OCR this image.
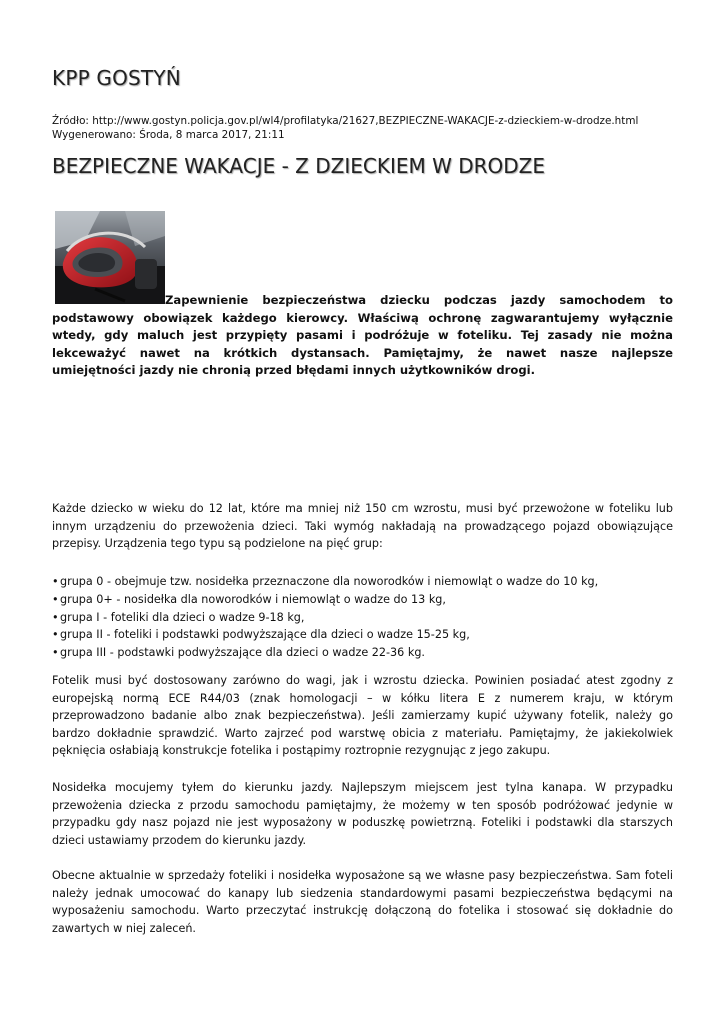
KPP GOSTYŃ
Źródło: http://www.gostyn.policja.gov.pl/wl4/profilatyka/21627,BEZPIECZNE-WAKACJE-z-dzieckiem-w-drodze.html
Wygenerowano: Środa, 8 marca 2017, 21:11
BEZPIECZNE WAKACJE - Z DZIECKIEM W DRODZE

Zapewnienie bezpieczeństwa dziecku podczas jazdy samochodem to podstawowy obowiązek każdego kierowcy. Właściwą ochronę zagwarantujemy wyłącznie wtedy, gdy maluch jest przypięty pasami i podróżuje w foteliku. Tej zasady nie można lekceważyć nawet na krótkich dystansach. Pamiętajmy, że nawet nasze najlepsze umiejętności jazdy nie chronią przed błędami innych użytkowników drogi.

Każde dziecko w wieku do 12 lat, które ma mniej niż 150 cm wzrostu, musi być przewożone w foteliku lub innym urządzeniu do przewożenia dzieci. Taki wymóg nakładają na prowadzącego pojazd obowiązujące przepisy. Urządzenia tego typu są podzielone na pięć grup:

• grupa 0 - obejmuje tzw. nosidełka przeznaczone dla noworodków i niemowląt o wadze do 10 kg,
• grupa 0+ - nosidełka dla noworodków i niemowląt o wadze do 13 kg,
• grupa I - foteliki dla dzieci o wadze 9-18 kg,
• grupa II - foteliki i podstawki podwyższające dla dzieci o wadze 15-25 kg,
• grupa III - podstawki podwyższające dla dzieci o wadze 22-36 kg.

Fotelik musi być dostosowany zarówno do wagi, jak i wzrostu dziecka. Powinien posiadać atest zgodny z europejską normą ECE R44/03 (znak homologacji – w kółku litera E z numerem kraju, w którym przeprowadzono badanie albo znak bezpieczeństwa). Jeśli zamierzamy kupić używany fotelik, należy go bardzo dokładnie sprawdzić. Warto zajrzeć pod warstwę obicia z materiału. Pamiętajmy, że jakiekolwiek pęknięcia osłabiają konstrukcje fotelika i postąpimy roztropnie rezygnując z jego zakupu.

Nosidełka mocujemy tyłem do kierunku jazdy. Najlepszym miejscem jest tylna kanapa. W przypadku przewożenia dziecka z przodu samochodu pamiętajmy, że możemy w ten sposób podróżować jedynie w przypadku gdy nasz pojazd nie jest wyposażony w poduszkę powietrzną. Foteliki i podstawki dla starszych dzieci ustawiamy przodem do kierunku jazdy.

Obecne aktualnie w sprzedaży foteliki i nosidełka wyposażone są we własne pasy bezpieczeństwa. Sam foteli należy jednak umocować do kanapy lub siedzenia standardowymi pasami bezpieczeństwa będącymi na wyposażeniu samochodu. Warto przeczytać instrukcję dołączoną do fotelika i stosować się dokładnie do zawartych w niej zaleceń.
